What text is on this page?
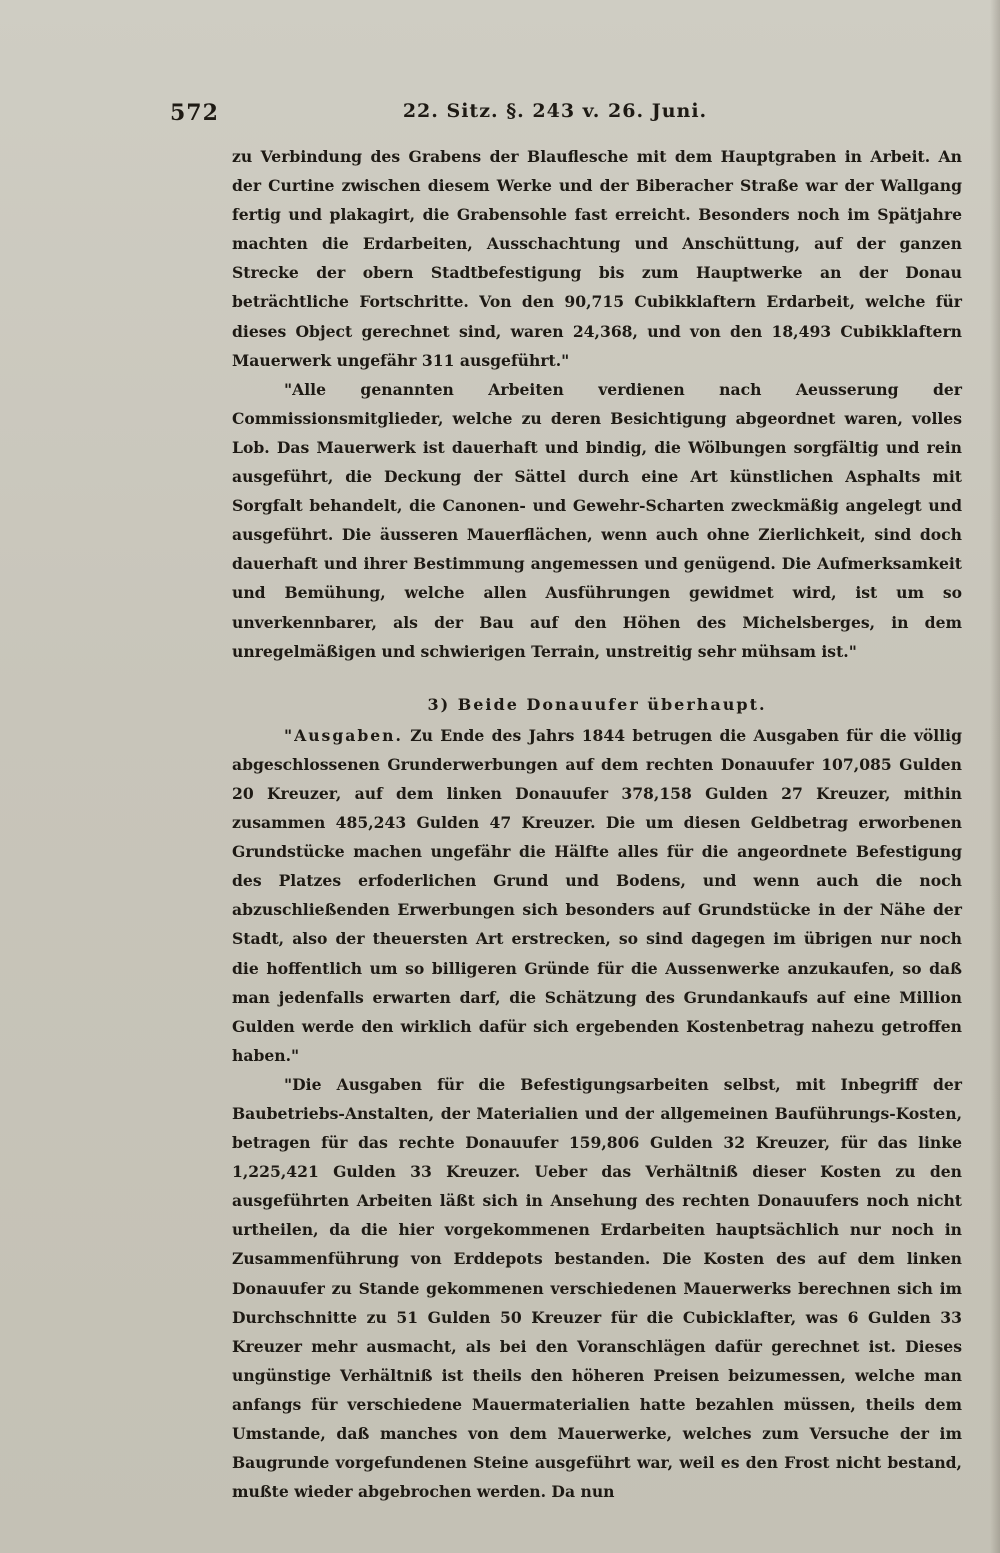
572	22. Sitz. §. 243 v. 26. Juni.

zu Verbindung des Grabens der Blauflesche mit dem Hauptgraben in Arbeit. An der Curtine zwischen diesem Werke und der Biberacher Straße war der Wallgang fertig und plakagirt, die Grabensohle fast erreicht. Besonders noch im Spätjahre machten die Erdarbeiten, Ausschachtung und Anschüttung, auf der ganzen Strecke der obern Stadtbefestigung bis zum Hauptwerke an der Donau beträchtliche Fortschritte. Von den 90,715 Cubikklaftern Erdarbeit, welche für dieses Object gerechnet sind, waren 24,368, und von den 18,493 Cubikklaftern Mauerwerk ungefähr 311 ausgeführt."

"Alle genannten Arbeiten verdienen nach Aeusserung der Commissionsmitglieder, welche zu deren Besichtigung abgeordnet waren, volles Lob. Das Mauerwerk ist dauerhaft und bindig, die Wölbungen sorgfältig und rein ausgeführt, die Deckung der Sättel durch eine Art künstlichen Asphalts mit Sorgfalt behandelt, die Canonen- und Gewehr-Scharten zweckmäßig angelegt und ausgeführt. Die äusseren Mauerflächen, wenn auch ohne Zierlichkeit, sind doch dauerhaft und ihrer Bestimmung angemessen und genügend. Die Aufmerksamkeit und Bemühung, welche allen Ausführungen gewidmet wird, ist um so unverkennbarer, als der Bau auf den Höhen des Michelsberges, in dem unregelmäßigen und schwierigen Terrain, unstreitig sehr mühsam ist."

3) Beide Donauufer überhaupt.

"Ausgaben. Zu Ende des Jahrs 1844 betrugen die Ausgaben für die völlig abgeschlossenen Grunderwerbungen auf dem rechten Donauufer 107,085 Gulden 20 Kreuzer, auf dem linken Donauufer 378,158 Gulden 27 Kreuzer, mithin zusammen 485,243 Gulden 47 Kreuzer. Die um diesen Geldbetrag erworbenen Grundstücke machen ungefähr die Hälfte alles für die angeordnete Befestigung des Platzes erfoderlichen Grund und Bodens, und wenn auch die noch abzuschließenden Erwerbungen sich besonders auf Grundstücke in der Nähe der Stadt, also der theuersten Art erstrecken, so sind dagegen im übrigen nur noch die hoffentlich um so billigeren Gründe für die Aussenwerke anzukaufen, so daß man jedenfalls erwarten darf, die Schätzung des Grundankaufs auf eine Million Gulden werde den wirklich dafür sich ergebenden Kostenbetrag nahezu getroffen haben."

"Die Ausgaben für die Befestigungsarbeiten selbst, mit Inbegriff der Baubetriebs-Anstalten, der Materialien und der allgemeinen Bauführungs-Kosten, betragen für das rechte Donauufer 159,806 Gulden 32 Kreuzer, für das linke 1,225,421 Gulden 33 Kreuzer. Ueber das Verhältniß dieser Kosten zu den ausgeführten Arbeiten läßt sich in Ansehung des rechten Donauufers noch nicht urtheilen, da die hier vorgekommenen Erdarbeiten hauptsächlich nur noch in Zusammenführung von Erddepots bestanden. Die Kosten des auf dem linken Donauufer zu Stande gekommenen verschiedenen Mauerwerks berechnen sich im Durchschnitte zu 51 Gulden 50 Kreuzer für die Cubicklafter, was 6 Gulden 33 Kreuzer mehr ausmacht, als bei den Voranschlägen dafür gerechnet ist. Dieses ungünstige Verhältniß ist theils den höheren Preisen beizumessen, welche man anfangs für verschiedene Mauermaterialien hatte bezahlen müssen, theils dem Umstande, daß manches von dem Mauerwerke, welches zum Versuche der im Baugrunde vorgefundenen Steine ausgeführt war, weil es den Frost nicht bestand, mußte wieder abgebrochen werden. Da nun
